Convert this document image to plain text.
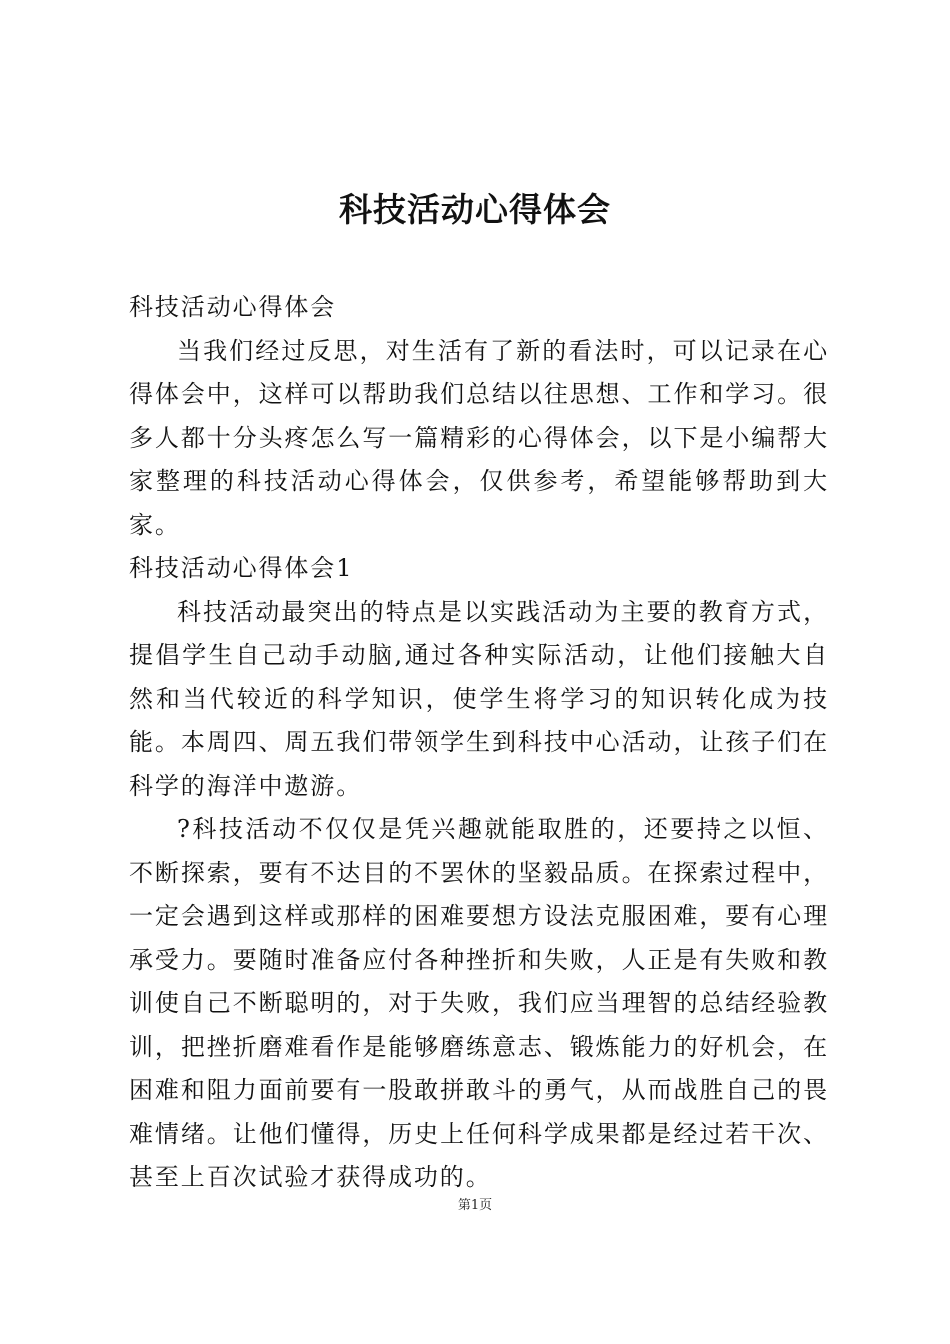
科技活动心得体会

科技活动心得体会

当我们经过反思，对生活有了新的看法时，可以记录在心得体会中，这样可以帮助我们总结以往思想、工作和学习。很多人都十分头疼怎么写一篇精彩的心得体会，以下是小编帮大家整理的科技活动心得体会，仅供参考，希望能够帮助到大家。

科技活动心得体会1

科技活动最突出的特点是以实践活动为主要的教育方式，提倡学生自己动手动脑,通过各种实际活动，让他们接触大自然和当代较近的科学知识，使学生将学习的知识转化成为技能。本周四、周五我们带领学生到科技中心活动，让孩子们在科学的海洋中遨游。

?科技活动不仅仅是凭兴趣就能取胜的，还要持之以恒、不断探索，要有不达目的不罢休的坚毅品质。在探索过程中，一定会遇到这样或那样的困难要想方设法克服困难，要有心理承受力。要随时准备应付各种挫折和失败，人正是有失败和教训使自己不断聪明的，对于失败，我们应当理智的总结经验教训，把挫折磨难看作是能够磨练意志、锻炼能力的好机会，在困难和阻力面前要有一股敢拼敢斗的勇气，从而战胜自己的畏难情绪。让他们懂得，历史上任何科学成果都是经过若干次、甚至上百次试验才获得成功的。

第1页
